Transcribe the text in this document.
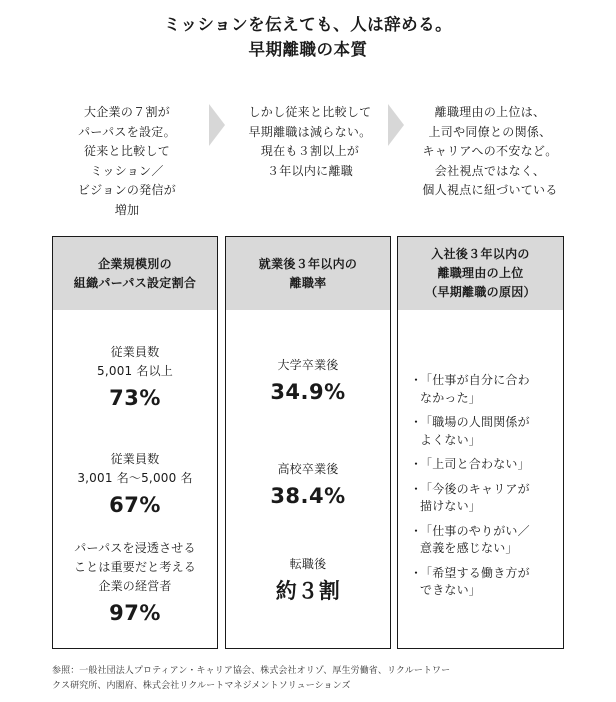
ミッションを伝えても、人は辞める。
早期離職の本質
大企業の７割が
パーパスを設定。
従来と比較して
ミッション／
ビジョンの発信が
増加
しかし従来と比較して
早期離職は減らない。
現在も３割以上が
３年以内に離職
離職理由の上位は、
上司や同僚との関係、
キャリアへの不安など。
会社視点ではなく、
個人視点に紐づいている
企業規模別の
組織パーパス設定割合
従業員数
5,001 名以上
73%
従業員数
3,001 名〜5,000 名
67%
パーパスを浸透させる
ことは重要だと考える
企業の経営者
97%
就業後３年以内の
離職率
大学卒業後
34.9%
高校卒業後
38.4%
転職後
約３割
入社後３年以内の
離職理由の上位
（早期離職の原因）
・
「仕事が自分に合わ
なかった」
・
「職場の人間関係が
よくない」
・
「上司と合わない」
・
「今後のキャリアが
描けない」
・
「仕事のやりがい／
意義を感じない」
・
「希望する働き方が
できない」
参照：一般社団法人プロティアン・キャリア協会、株式会社オリゾ、厚生労働省、リクルートワー
クス研究所、内閣府、株式会社リクルートマネジメントソリューションズ
